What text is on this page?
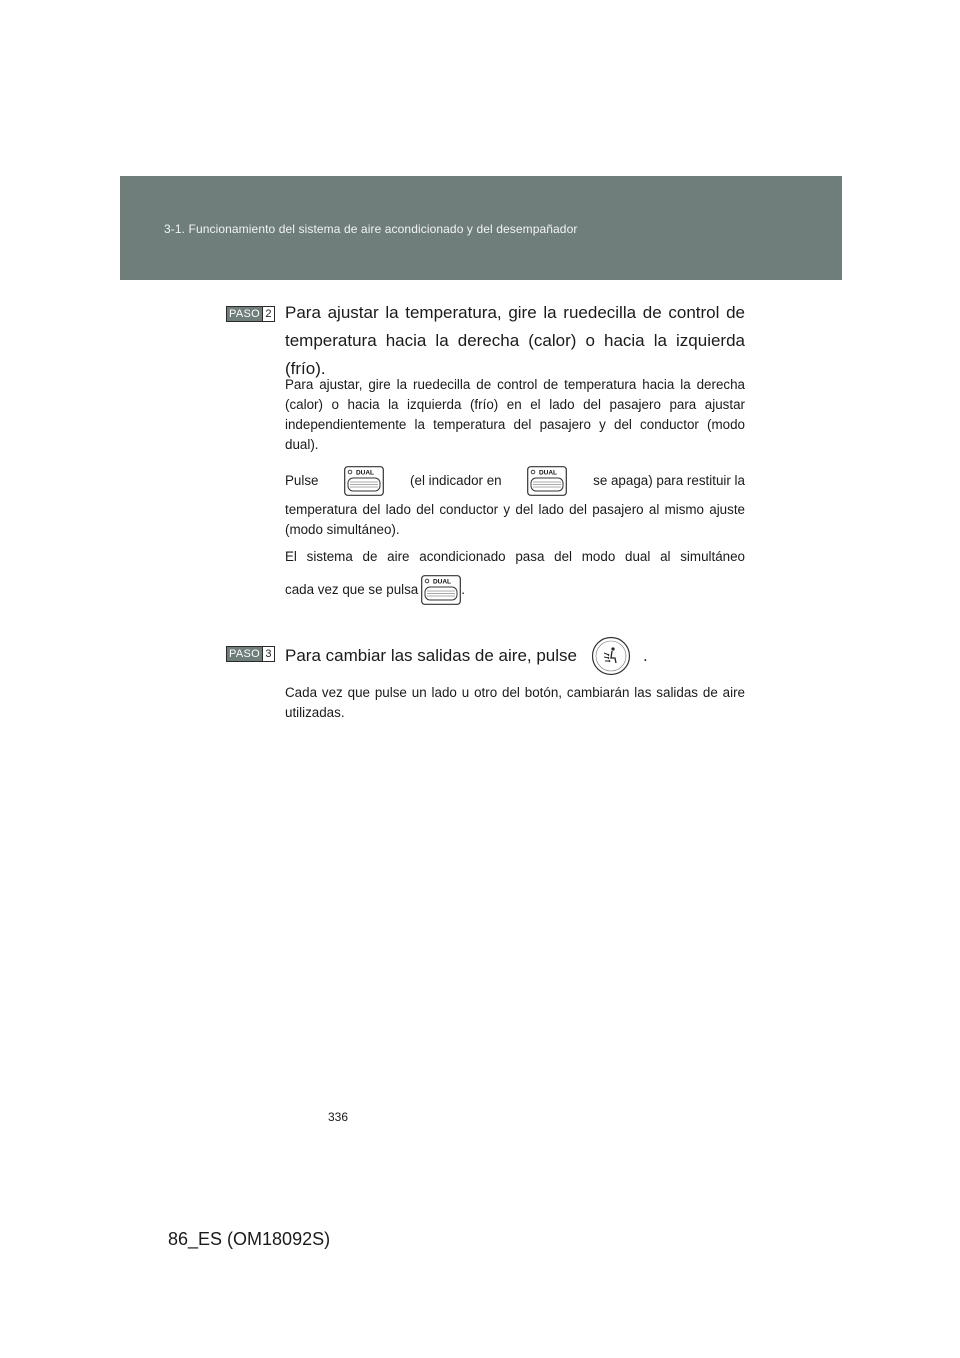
3-1. Funcionamiento del sistema de aire acondicionado y del desempañador
PASO 2 Para ajustar la temperatura, gire la ruedecilla de control de
temperatura hacia la derecha (calor) o hacia la izquierda
(frío).
Para ajustar, gire la ruedecilla de control de temperatura hacia la derecha (calor) o hacia la izquierda (frío) en el lado del pasajero para ajustar independientemente la temperatura del pasajero y del conductor (modo dual).
Pulse	DUAL	(el indicador en	DUAL	se apaga) para restituir la
temperatura del lado del conductor y del lado del pasajero al mismo ajuste (modo simultáneo).
El sistema de aire acondicionado pasa del modo dual al simultáneo
cada vez que se pulsa DUAL .
PASO 3 Para cambiar las salidas de aire, pulse	.
Cada vez que pulse un lado u otro del botón, cambiarán las salidas de aire utilizadas.
336
86_ES (OM18092S)
